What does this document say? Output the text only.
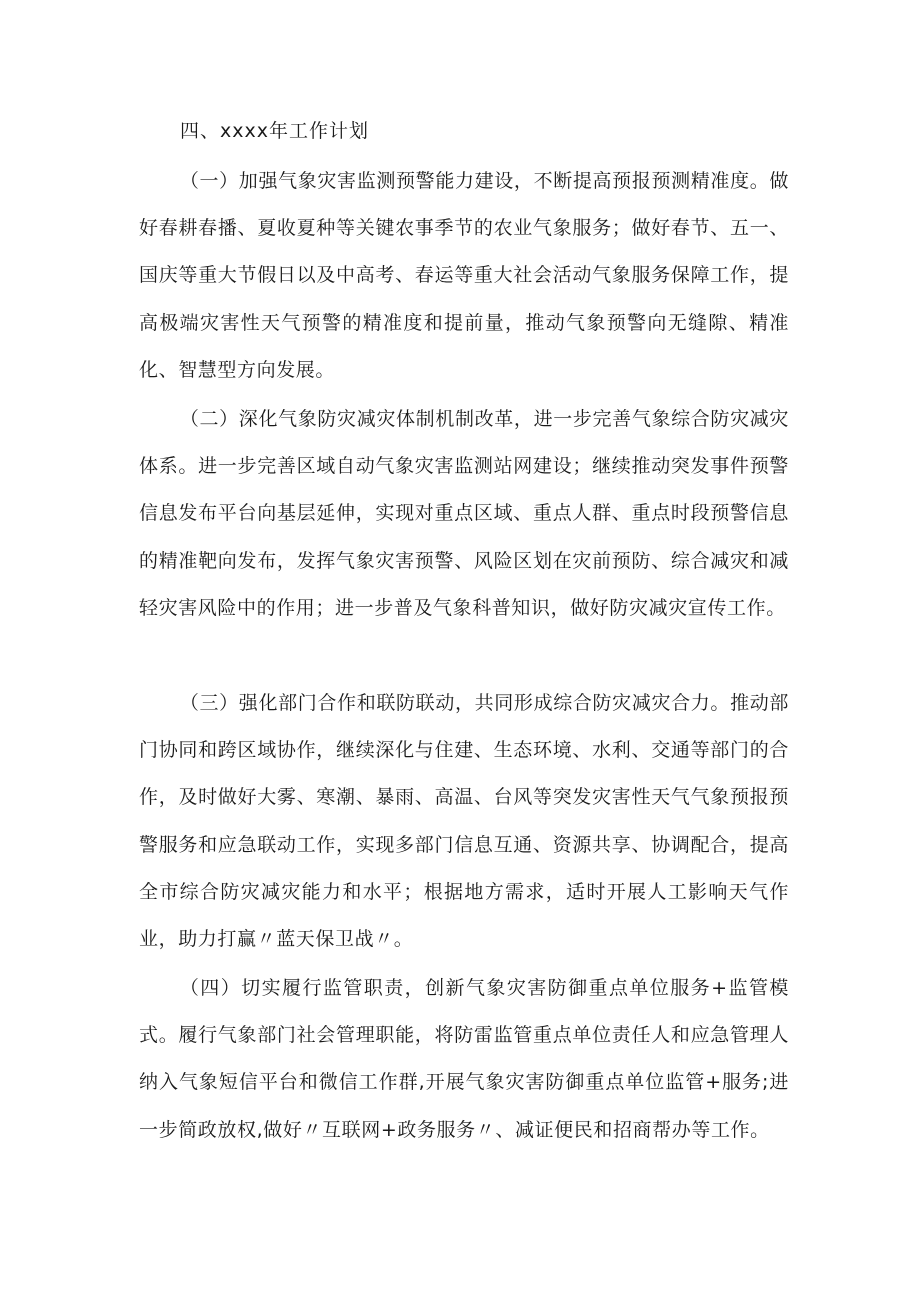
四、xxxx年工作计划

（一）加强气象灾害监测预警能力建设，不断提高预报预测精准度。做好春耕春播、夏收夏种等关键农事季节的农业气象服务；做好春节、五一、国庆等重大节假日以及中高考、春运等重大社会活动气象服务保障工作，提高极端灾害性天气预警的精准度和提前量，推动气象预警向无缝隙、精准化、智慧型方向发展。

（二）深化气象防灾减灾体制机制改革，进一步完善气象综合防灾减灾体系。进一步完善区域自动气象灾害监测站网建设；继续推动突发事件预警信息发布平台向基层延伸，实现对重点区域、重点人群、重点时段预警信息的精准靶向发布，发挥气象灾害预警、风险区划在灾前预防、综合减灾和减轻灾害风险中的作用；进一步普及气象科普知识，做好防灾减灾宣传工作。

（三）强化部门合作和联防联动，共同形成综合防灾减灾合力。推动部门协同和跨区域协作，继续深化与住建、生态环境、水利、交通等部门的合作，及时做好大雾、寒潮、暴雨、高温、台风等突发灾害性天气气象预报预警服务和应急联动工作，实现多部门信息互通、资源共享、协调配合，提高全市综合防灾减灾能力和水平；根据地方需求，适时开展人工影响天气作业，助力打赢〃蓝天保卫战〃。

（四）切实履行监管职责，创新气象灾害防御重点单位服务+监管模式。履行气象部门社会管理职能，将防雷监管重点单位责任人和应急管理人纳入气象短信平台和微信工作群,开展气象灾害防御重点单位监管+服务;进一步简政放权,做好〃互联网+政务服务〃、减证便民和招商帮办等工作。
